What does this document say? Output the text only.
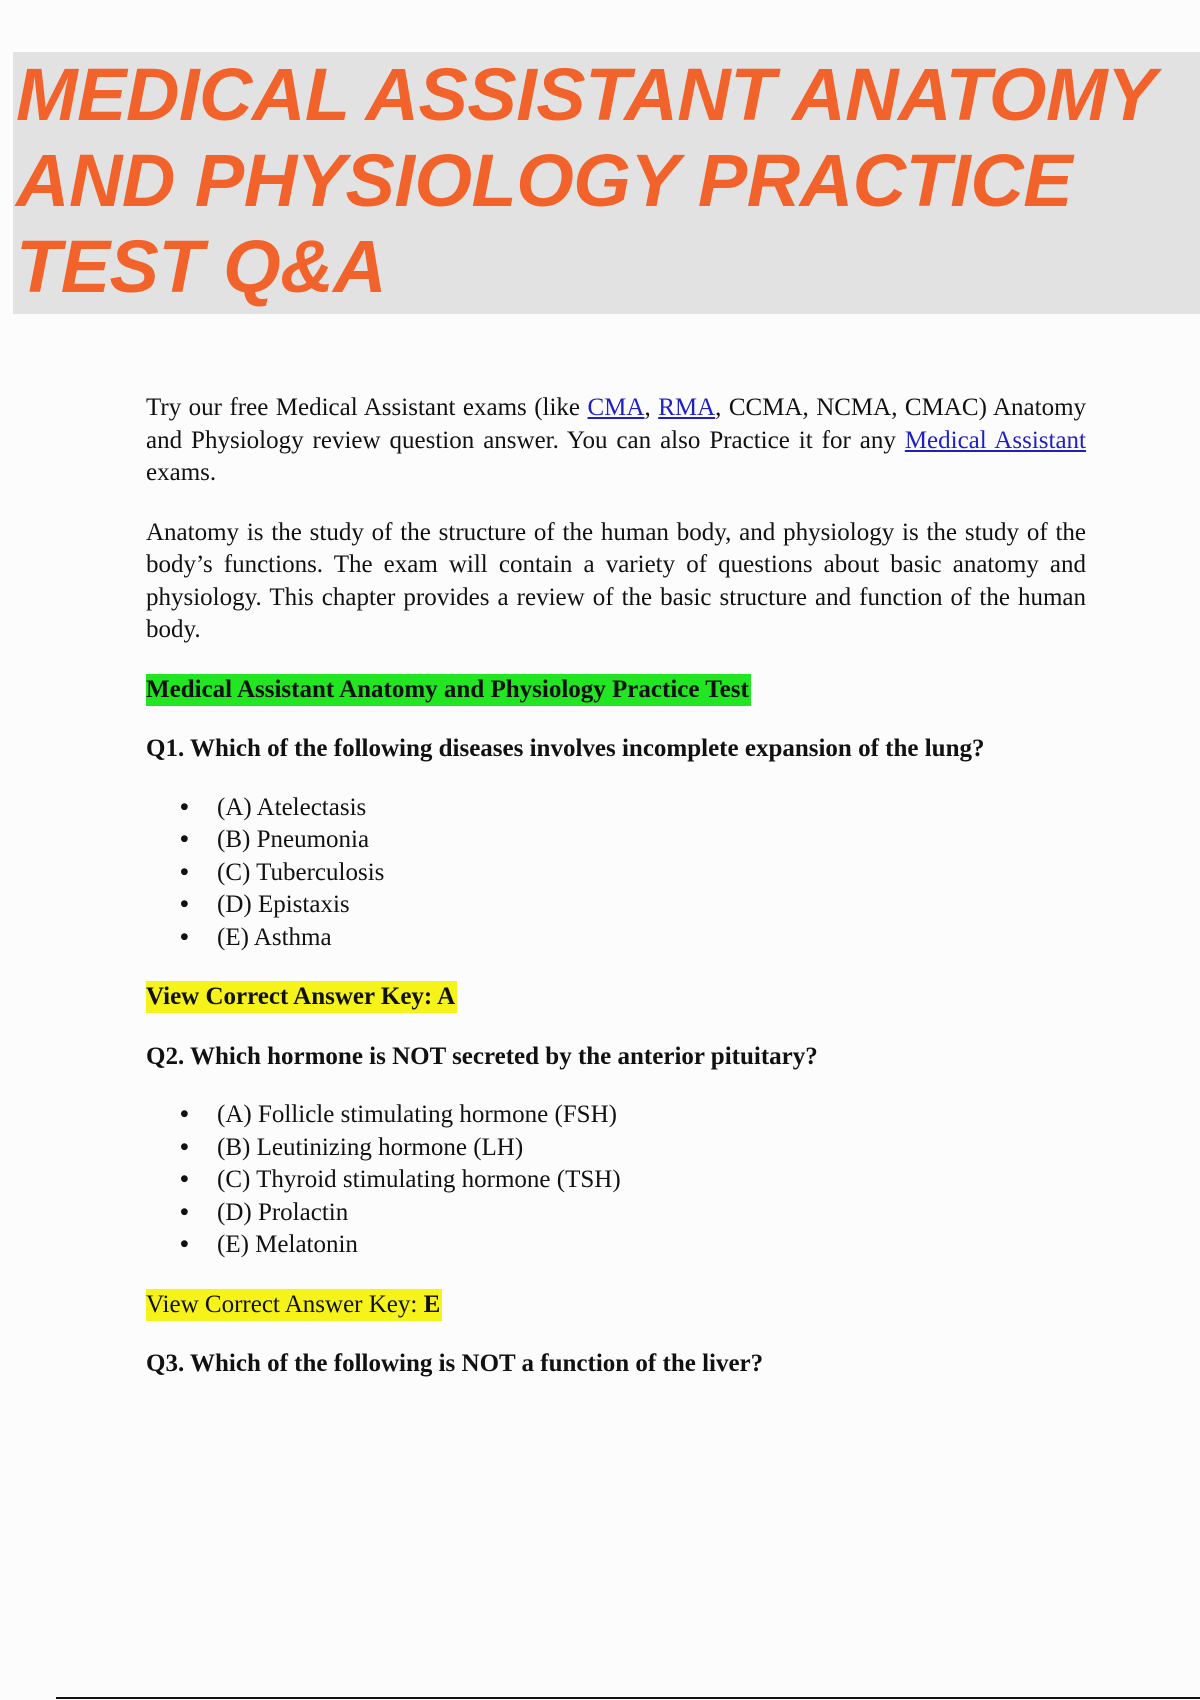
MEDICAL ASSISTANT ANATOMY
AND PHYSIOLOGY PRACTICE
TEST Q&A

Try our free Medical Assistant exams (like CMA, RMA, CCMA, NCMA, CMAC) Anatomy and Physiology review question answer. You can also Practice it for any Medical Assistant exams.

Anatomy is the study of the structure of the human body, and physiology is the study of the body’s functions. The exam will contain a variety of questions about basic anatomy and physiology. This chapter provides a review of the basic structure and function of the human body.

Medical Assistant Anatomy and Physiology Practice Test

Q1. Which of the following diseases involves incomplete expansion of the lung?

• (A) Atelectasis
• (B) Pneumonia
• (C) Tuberculosis
• (D) Epistaxis
• (E) Asthma

View Correct Answer Key: A

Q2. Which hormone is NOT secreted by the anterior pituitary?

• (A) Follicle stimulating hormone (FSH)
• (B) Leutinizing hormone (LH)
• (C) Thyroid stimulating hormone (TSH)
• (D) Prolactin
• (E) Melatonin

View Correct Answer Key: E

Q3. Which of the following is NOT a function of the liver?
